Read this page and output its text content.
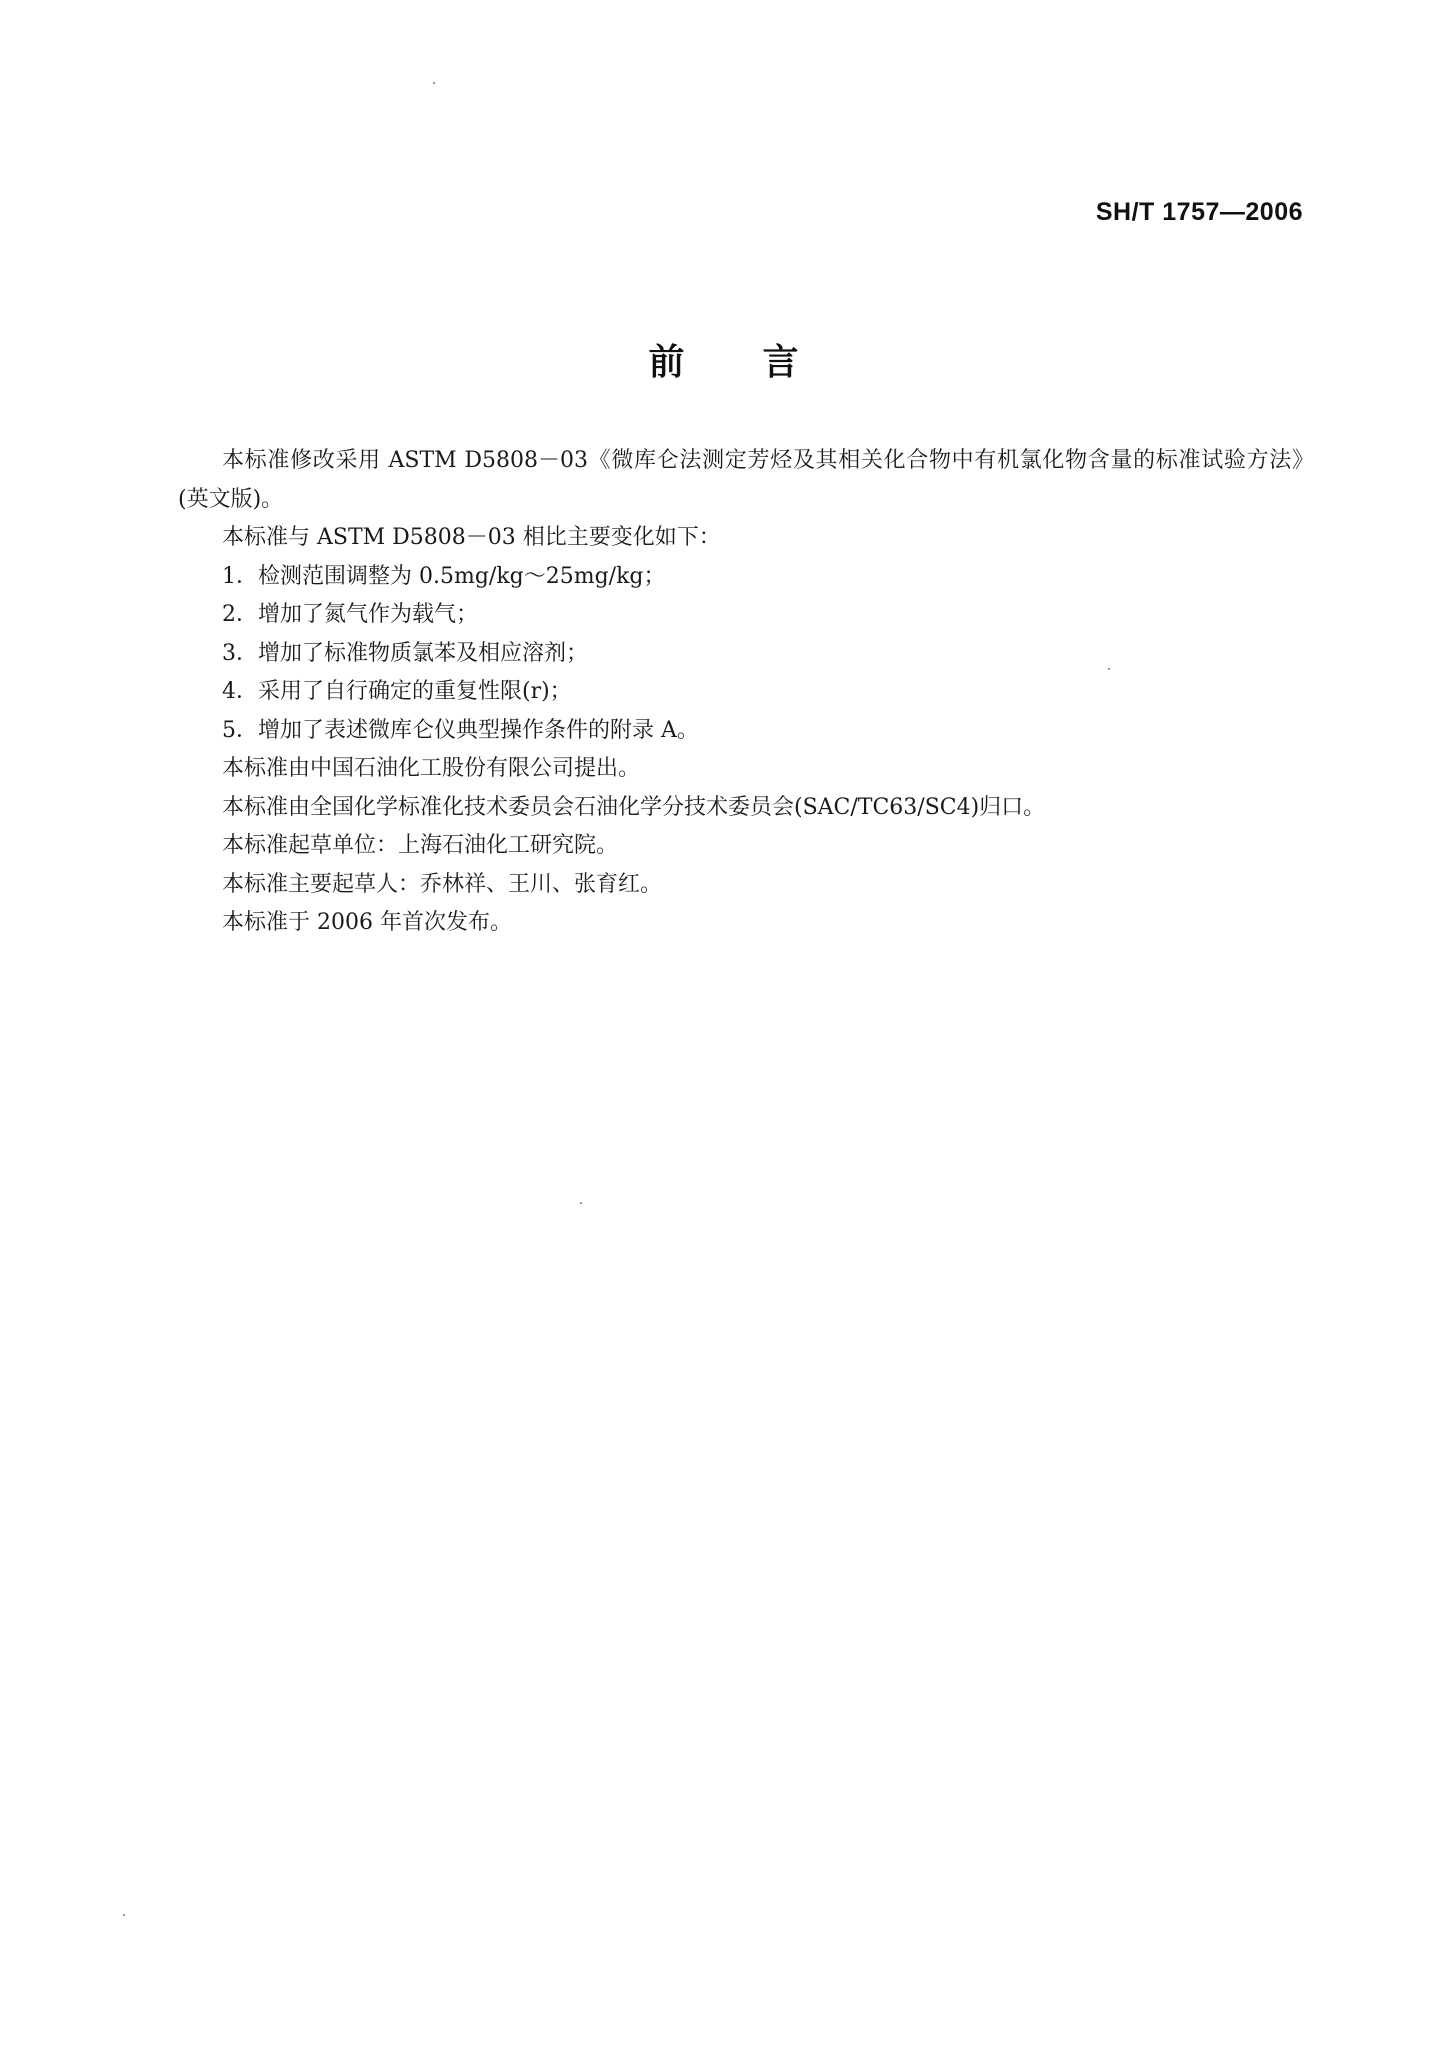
SH/T 1757—2006
前言

本标准修改采用 ASTM D5808－03《微库仑法测定芳烃及其相关化合物中有机氯化物含量的标准试验方法》(英文版)。

本标准与 ASTM D5808－03 相比主要变化如下：

1．检测范围调整为 0.5mg/kg～25mg/kg；

2．增加了氮气作为载气；

3．增加了标准物质氯苯及相应溶剂；

4．采用了自行确定的重复性限(r)；

5．增加了表述微库仑仪典型操作条件的附录 A。

本标准由中国石油化工股份有限公司提出。

本标准由全国化学标准化技术委员会石油化学分技术委员会(SAC/TC63/SC4)归口。

本标准起草单位：上海石油化工研究院。

本标准主要起草人：乔林祥、王川、张育红。

本标准于 2006 年首次发布。
